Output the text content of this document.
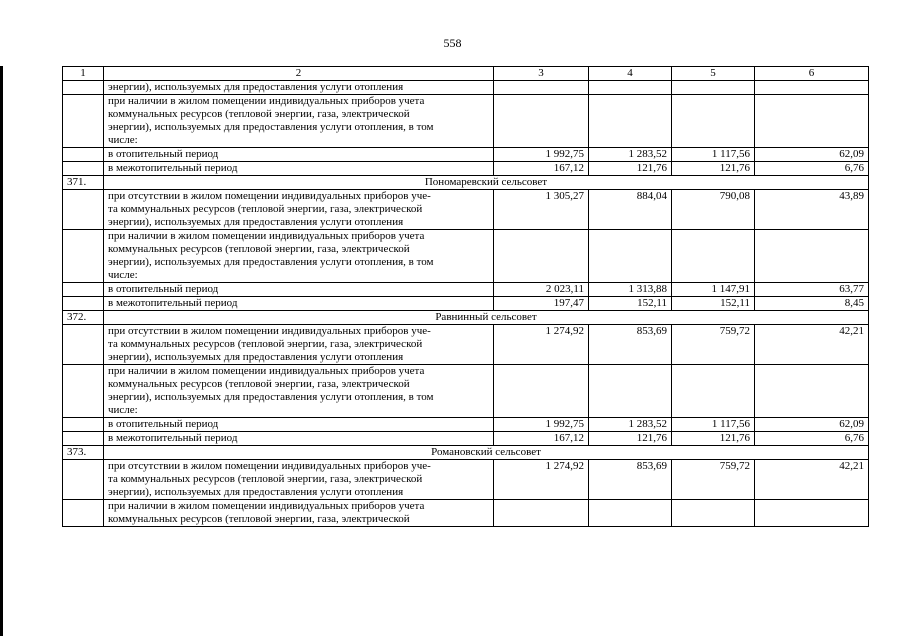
558
1	2	3	4	5	6
	энергии), используемых для предоставления услуги отопления				
	при наличии в жилом помещении индивидуальных приборов учета
коммунальных ресурсов (тепловой энергии, газа, электрической
энергии), используемых для предоставления услуги отопления, в том
числе:				
	в отопительный период	1 992,75	1 283,52	1 117,56	62,09
	в межотопительный период	167,12	121,76	121,76	6,76
371.	Пономаревский сельсовет				
	при отсутствии в жилом помещении индивидуальных приборов уче-
та коммунальных ресурсов (тепловой энергии, газа, электрической
энергии), используемых для предоставления услуги отопления	1 305,27	884,04	790,08	43,89
	при наличии в жилом помещении индивидуальных приборов учета
коммунальных ресурсов (тепловой энергии, газа, электрической
энергии), используемых для предоставления услуги отопления, в том
числе:				
	в отопительный период	2 023,11	1 313,88	1 147,91	63,77
	в межотопительный период	197,47	152,11	152,11	8,45
372.	Равнинный сельсовет				
	при отсутствии в жилом помещении индивидуальных приборов уче-
та коммунальных ресурсов (тепловой энергии, газа, электрической
энергии), используемых для предоставления услуги отопления	1 274,92	853,69	759,72	42,21
	при наличии в жилом помещении индивидуальных приборов учета
коммунальных ресурсов (тепловой энергии, газа, электрической
энергии), используемых для предоставления услуги отопления, в том
числе:				
	в отопительный период	1 992,75	1 283,52	1 117,56	62,09
	в межотопительный период	167,12	121,76	121,76	6,76
373.	Романовский сельсовет				
	при отсутствии в жилом помещении индивидуальных приборов уче-
та коммунальных ресурсов (тепловой энергии, газа, электрической
энергии), используемых для предоставления услуги отопления	1 274,92	853,69	759,72	42,21
	при наличии в жилом помещении индивидуальных приборов учета
коммунальных ресурсов (тепловой энергии, газа, электрической				
